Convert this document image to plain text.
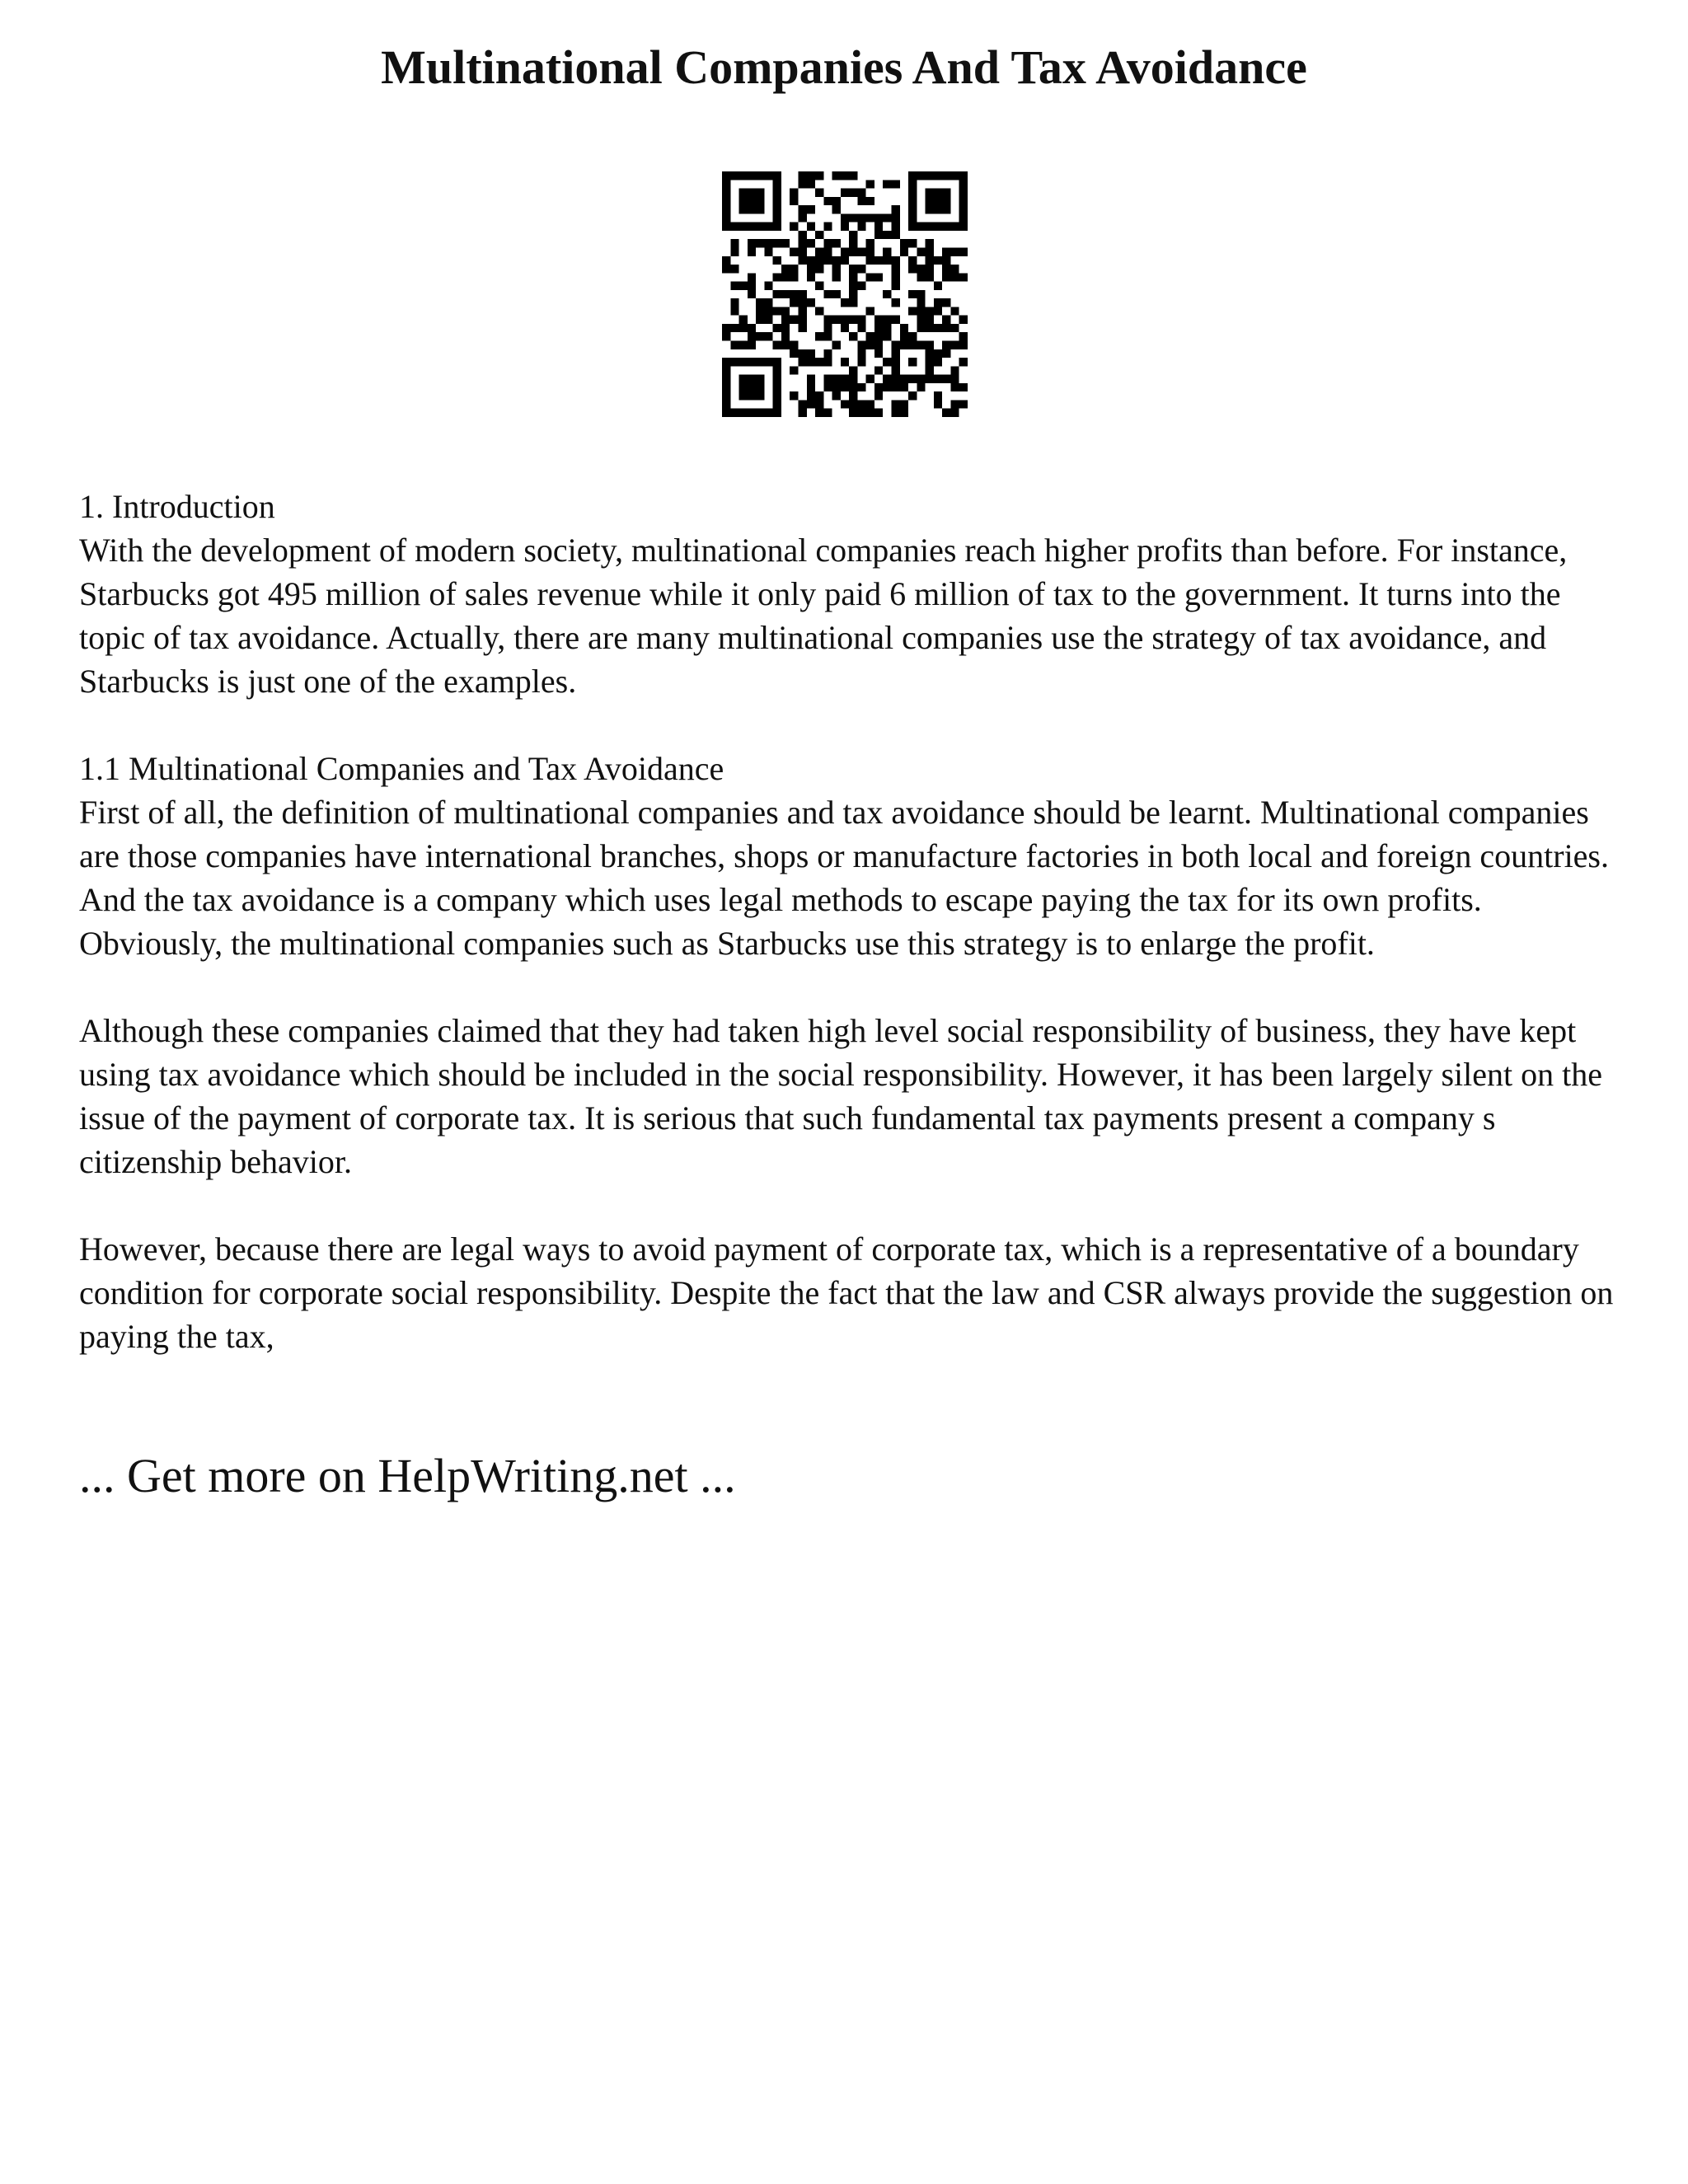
Multinational Companies And Tax Avoidance

1. Introduction
With the development of modern society, multinational companies reach higher profits than before. For instance, Starbucks got 495 million of sales revenue while it only paid 6 million of tax to the government. It turns into the topic of tax avoidance. Actually, there are many multinational companies use the strategy of tax avoidance, and Starbucks is just one of the examples.

1.1 Multinational Companies and Tax Avoidance
First of all, the definition of multinational companies and tax avoidance should be learnt. Multinational companies are those companies have international branches, shops or manufacture factories in both local and foreign countries. And the tax avoidance is a company which uses legal methods to escape paying the tax for its own profits. Obviously, the multinational companies such as Starbucks use this strategy is to enlarge the profit.

Although these companies claimed that they had taken high level social responsibility of business, they have kept using tax avoidance which should be included in the social responsibility. However, it has been largely silent on the issue of the payment of corporate tax. It is serious that such fundamental tax payments present a company s citizenship behavior.

However, because there are legal ways to avoid payment of corporate tax, which is a representative of a boundary condition for corporate social responsibility. Despite the fact that the law and CSR always provide the suggestion on paying the tax,

... Get more on HelpWriting.net ...
